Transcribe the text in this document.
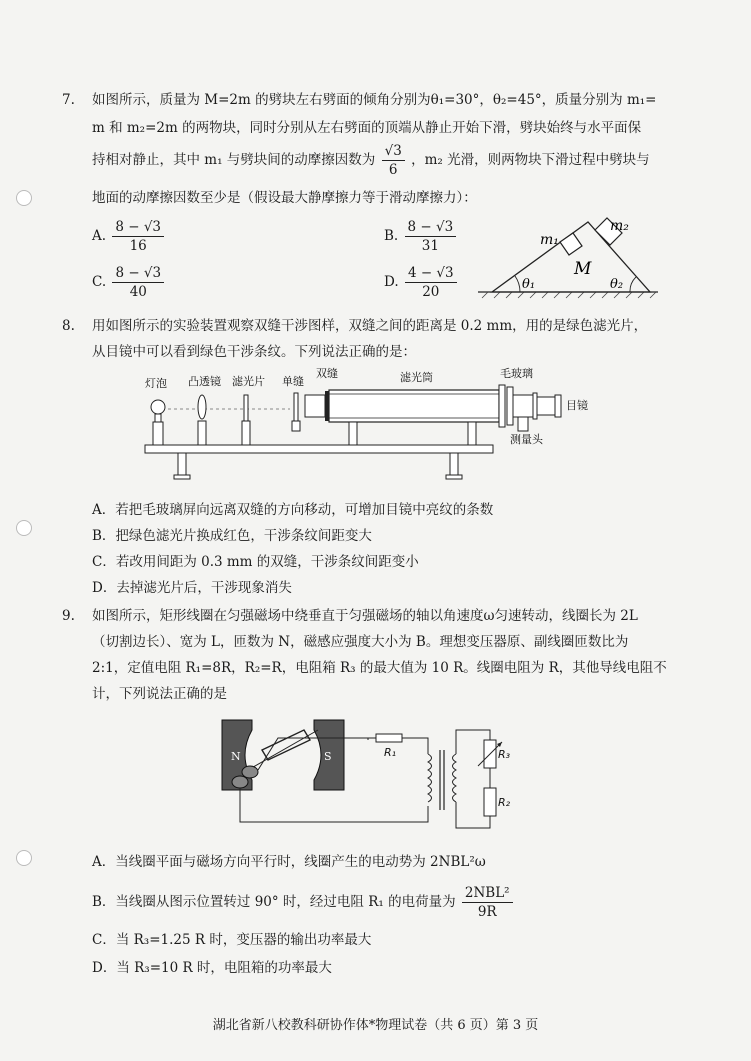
7. 如图所示，质量为 M=2m 的劈块左右劈面的倾角分别为θ₁=30°，θ₂=45°，质量分别为 m₁=
m 和 m₂=2m 的两物块，同时分别从左右劈面的顶端从静止开始下滑，劈块始终与水平面保
持相对静止，其中 m₁ 与劈块间的动摩擦因数为 $\frac{√3}{6}$ ，m₂ 光滑，则两物块下滑过程中劈块与
地面的动摩擦因数至少是（假设最大静摩擦力等于滑动摩擦力）：
A. $\frac{8 - √3}{16}$	B. $\frac{8 - √3}{31}$
C. $\frac{8 - √3}{40}$	D. $\frac{4 - √3}{20}$
m₁
m₂
M
θ₁	θ₂
8. 用如图所示的实验装置观察双缝干涉图样，双缝之间的距离是 0.2 mm，用的是绿色滤光片，
从目镜中可以看到绿色干涉条纹。下列说法正确的是：
灯泡 凸透镜 滤光片 单缝
双缝	滤光筒	毛玻璃
目镜
测量头
A．若把毛玻璃屏向远离双缝的方向移动，可增加目镜中亮纹的条数
B．把绿色滤光片换成红色，干涉条纹间距变大
C．若改用间距为 0.3 mm 的双缝，干涉条纹间距变小
D．去掉滤光片后，干涉现象消失
9. 如图所示，矩形线圈在匀强磁场中绕垂直于匀强磁场的轴以角速度ω匀速转动，线圈长为 2L
（切割边长）、宽为 L，匝数为 N，磁感应强度大小为 B。理想变压器原、副线圈匝数比为
2:1，定值电阻 R₁=8R，R₂=R，电阻箱 R₃ 的最大值为 10 R。线圈电阻为 R，其他导线电阻不
计，下列说法正确的是
N	S	R₁	R₃
R₂
A．当线圈平面与磁场方向平行时，线圈产生的电动势为 2NBL²ω
B．当线圈从图示位置转过 90° 时，经过电阻 R₁ 的电荷量为 $\frac{\text{2NBL²}}{9R}$
C．当 R₃=1.25 R 时，变压器的输出功率最大
D．当 R₃=10 R 时，电阻箱的功率最大
湖北省新八校教科研协作体*物理试卷（共 6 页）第 3 页
